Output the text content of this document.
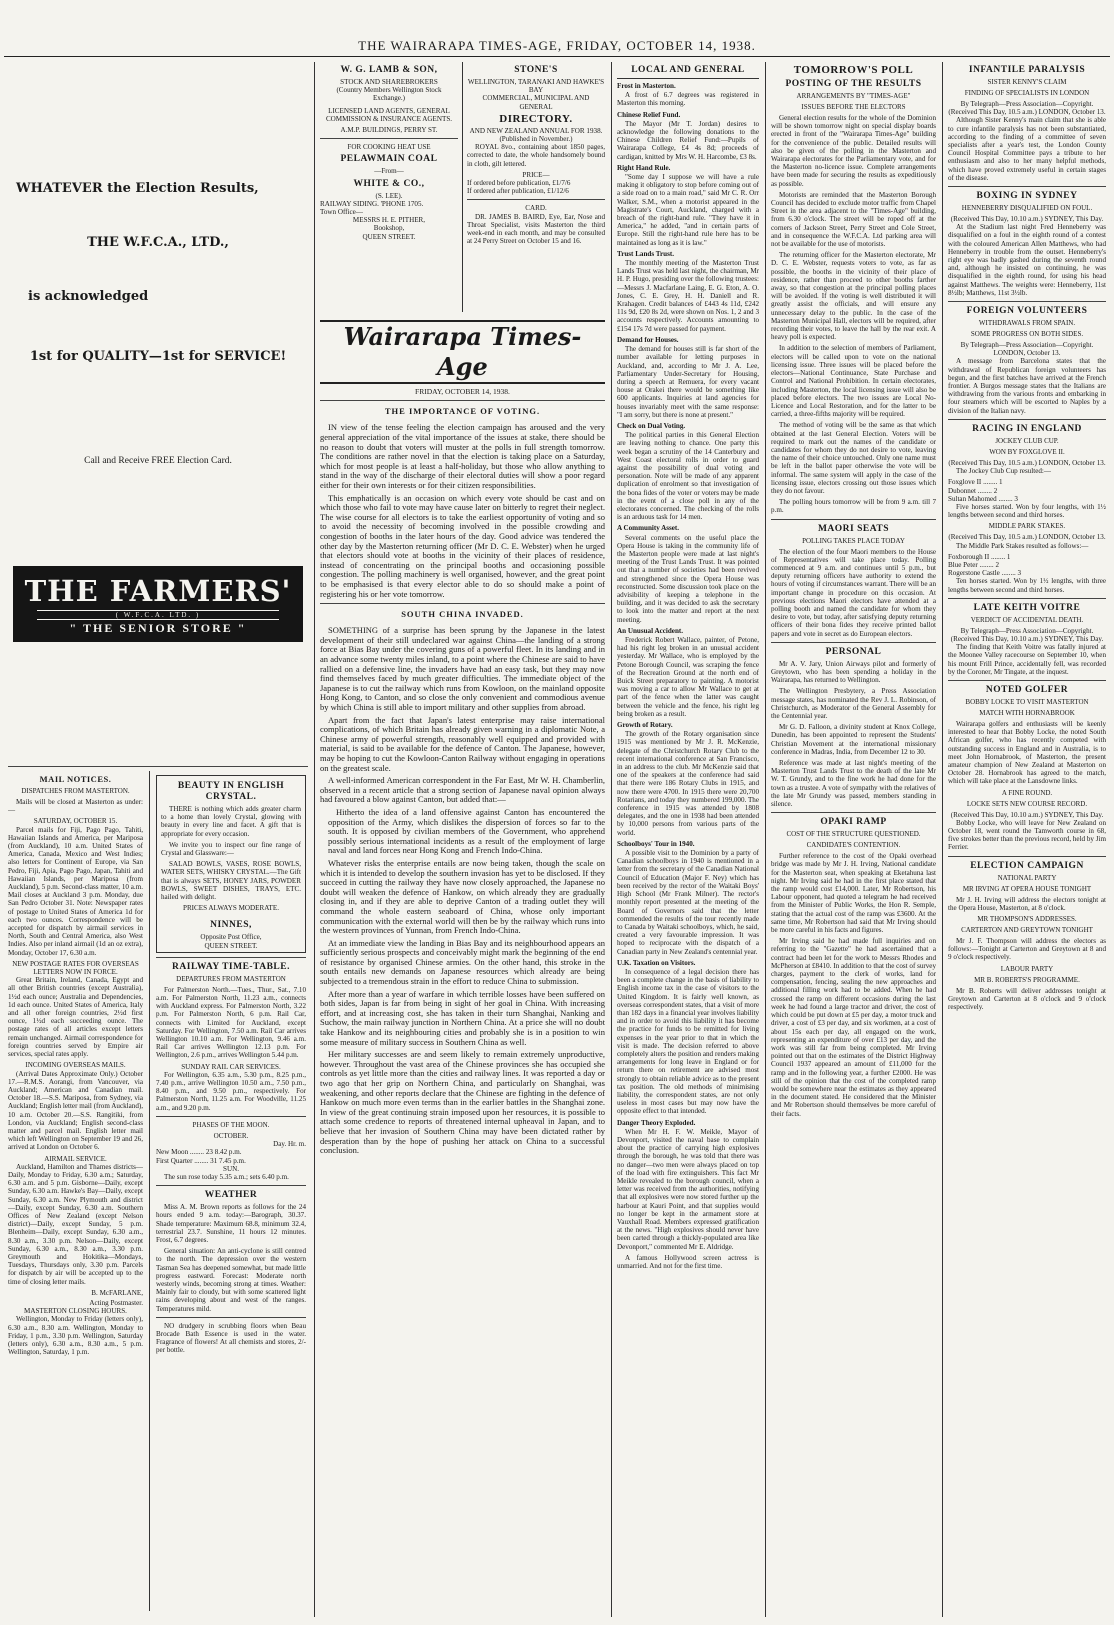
THE WAIRARAPA TIMES-AGE, FRIDAY, OCTOBER 14, 1938.

WHATEVER the Election Results,

THE W.F.C.A., LTD.,

is acknowledged

1st for QUALITY—1st for SERVICE!

Call and Receive FREE Election Card.

THE FARMERS'
( W.F.C.A. LTD. )
" THE SENIOR STORE "
MAIL NOTICES.
DISPATCHES FROM MASTERTON.

Mails will be closed at Masterton as under:—

SATURDAY, OCTOBER 15.

Parcel mails for Fiji, Pago Pago, Tahiti, Hawaiian Islands and America, per Mariposa (from Auckland), 10 a.m. United States of America, Canada, Mexico and West Indies; also letters for Continent of Europe, via San Pedro, Fiji, Apia, Pago Pago, Japan, Tahiti and Hawaiian Islands, per Mariposa (from Auckland), 5 p.m. Second-class matter, 10 a.m. Mail closes at Auckland 3 p.m. Monday, due San Pedro October 31. Note: Newspaper rates of postage to United States of America 1d for each two ounces. Correspondence will be accepted for dispatch by airmail services in North, South and Central America, also West Indies. Also per inland airmail (1d an oz extra), Monday, October 17, 6.30 a.m.

NEW POSTAGE RATES FOR OVERSEAS LETTERS NOW IN FORCE.

Great Britain, Ireland, Canada, Egypt and all other British countries (except Australia), 1½d each ounce; Australia and Dependencies, 1d each ounce. United States of America, Italy and all other foreign countries, 2½d first ounce, 1½d each succeeding ounce. The postage rates of all articles except letters remain unchanged. Airmail correspondence for foreign countries served by Empire air services, special rates apply.

INCOMING OVERSEAS MAILS.

(Arrival Dates Approximate Only.) October 17.—R.M.S. Aorangi, from Vancouver, via Auckland; American and Canadian mail. October 18.—S.S. Mariposa, from Sydney, via Auckland; English letter mail (from Auckland), 10 a.m. October 20.—S.S. Rangitiki, from London, via Auckland; English second-class matter and parcel mail. English letter mail which left Wellington on September 19 and 26, arrived at London on October 6.

AIRMAIL SERVICE.

Auckland, Hamilton and Thames districts—Daily, Monday to Friday, 6.30 a.m.; Saturday, 6.30 a.m. and 5 p.m. Gisborne—Daily, except Sunday, 6.30 a.m. Hawke's Bay—Daily, except Sunday, 6.30 a.m. New Plymouth and district—Daily, except Sunday, 6.30 a.m. Southern Offices of New Zealand (except Nelson district)—Daily, except Sunday, 5 p.m. Blenheim—Daily, except Sunday, 6.30 a.m., 8.30 a.m., 3.30 p.m. Nelson—Daily, except Sunday, 6.30 a.m., 8.30 a.m., 3.30 p.m. Greymouth and Hokitika—Mondays, Tuesdays, Thursdays only, 3.30 p.m. Parcels for dispatch by air will be accepted up to the time of closing letter mails.

B. McFARLANE,
Acting Postmaster.
MASTERTON CLOSING HOURS.

Wellington, Monday to Friday (letters only), 6.30 a.m., 8.30 a.m. Wellington, Monday to Friday, 1 p.m., 3.30 p.m. Wellington, Saturday (letters only), 6.30 a.m., 8.30 a.m., 5 p.m. Wellington, Saturday, 1 p.m.

BEAUTY IN ENGLISH CRYSTAL.

THERE is nothing which adds greater charm to a home than lovely Crystal, glowing with beauty in every line and facet. A gift that is appropriate for every occasion.

We invite you to inspect our fine range of Crystal and Glassware:—

SALAD BOWLS, VASES, ROSE BOWLS, WATER SETS, WHISKY CRYSTAL.—The Gift that is always SETS, HONEY JARS, POWDER BOWLS, SWEET DISHES, TRAYS, ETC. hailed with delight.

PRICES ALWAYS MODERATE.
NINNES,
Opposite Post Office,
QUEEN STREET.
RAILWAY TIME-TABLE.
DEPARTURES FROM MASTERTON

For Palmerston North.—Tues., Thur., Sat., 7.10 a.m. For Palmerston North, 11.23 a.m., connects with Auckland express. For Palmerston North, 3.22 p.m. For Palmerston North, 6 p.m. Rail Car, connects with Limited for Auckland, except Saturday. For Wellington, 7.50 a.m. Rail Car arrives Wellington 10.10 a.m. For Wellington, 9.46 a.m. Rail Car arrives Wellington 12.13 p.m. For Wellington, 2.6 p.m., arrives Wellington 5.44 p.m.

SUNDAY RAIL CAR SERVICES.

For Wellington, 6.35 a.m., 5.30 p.m., 8.25 p.m., 7.40 p.m., arrive Wellington 10.50 a.m., 7.50 p.m., 8.40 p.m., and 9.50 p.m., respectively. For Palmerston North, 11.25 a.m. For Woodville, 11.25 a.m., and 9.20 p.m.

PHASES OF THE MOON.
OCTOBER.
Day. Hr. m.
New Moon ........ 23 8.42 p.m.
First Quarter ........ 31 7.45 p.m.
SUN.

The sun rose today 5.35 a.m.; sets 6.40 p.m.

WEATHER

Miss A. M. Brown reports as follows for the 24 hours ended 9 a.m. today:—Barograph, 30.37. Shade temperature: Maximum 68.8, minimum 32.4, terrestrial 23.7. Sunshine, 11 hours 12 minutes. Frost, 6.7 degrees.

General situation: An anti-cyclone is still centred to the north. The depression over the western Tasman Sea has deepened somewhat, but made little progress eastward. Forecast: Moderate north westerly winds, becoming strong at times. Weather: Mainly fair to cloudy, but with some scattered light rains developing about and west of the ranges. Temperatures mild.

NO drudgery in scrubbing floors when Beau Brocade Bath Essence is used in the water. Fragrance of flowers! At all chemists and stores, 2/- per bottle.

W. G. LAMB & SON,
STOCK AND SHAREBROKERS
(Country Members Wellington Stock Exchange.)
LICENSED LAND AGENTS, GENERAL COMMISSION & INSURANCE AGENTS.
A.M.P. BUILDINGS, PERRY ST.
FOR COOKING HEAT USE
PELAWMAIN COAL
—From—
WHITE & CO.,
(S. LEE).
RAILWAY SIDING. 'PHONE 1705.
Town Office—
MESSRS H. E. PITHER,
Bookshop,
QUEEN STREET.
STONE'S
WELLINGTON, TARANAKI AND HAWKE'S BAY
COMMERCIAL, MUNICIPAL AND GENERAL
DIRECTORY.
AND NEW ZEALAND ANNUAL FOR 1938.
(Published in November.)

ROYAL 8vo., containing about 1850 pages, corrected to date, the whole handsomely bound in cloth, gilt lettered.

PRICE—
If ordered before publication, £1/7/6
If ordered after publication, £1/12/6
CARD.

DR. JAMES B. BAIRD, Eye, Ear, Nose and Throat Specialist, visits Masterton the third week-end in each month, and may be consulted at 24 Perry Street on October 15 and 16.

Wairarapa Times-Age
FRIDAY, OCTOBER 14, 1938.
THE IMPORTANCE OF VOTING.

IN view of the tense feeling the election campaign has aroused and the very general appreciation of the vital importance of the issues at stake, there should be no reason to doubt that voters will muster at the polls in full strength tomorrow. The conditions are rather novel in that the election is taking place on a Saturday, which for most people is at least a half-holiday, but those who allow anything to stand in the way of the discharge of their electoral duties will show a poor regard either for their own interests or for their citizen responsibilities.

This emphatically is an occasion on which every vote should be cast and on which those who fail to vote may have cause later on bitterly to regret their neglect. The wise course for all electors is to take the earliest opportunity of voting and so to avoid the necessity of becoming involved in the possible crowding and congestion of booths in the later hours of the day. Good advice was tendered the other day by the Masterton returning officer (Mr D. C. E. Webster) when he urged that electors should vote at booths in the vicinity of their places of residence, instead of concentrating on the principal booths and occasioning possible congestion. The polling machinery is well organised, however, and the great point to be emphasised is that every elector able to do so should make a point of registering his or her vote tomorrow.

SOUTH CHINA INVADED.

SOMETHING of a surprise has been sprung by the Japanese in the latest development of their still undeclared war against China—the landing of a strong force at Bias Bay under the covering guns of a powerful fleet. In its landing and in an advance some twenty miles inland, to a point where the Chinese are said to have rallied on a defensive line, the invaders have had an easy task, but they may now find themselves faced by much greater difficulties. The immediate object of the Japanese is to cut the railway which runs from Kowloon, on the mainland opposite Hong Kong, to Canton, and so close the only convenient and commodious avenue by which China is still able to import military and other supplies from abroad.

Apart from the fact that Japan's latest enterprise may raise international complications, of which Britain has already given warning in a diplomatic Note, a Chinese army of powerful strength, reasonably well equipped and provided with material, is said to be available for the defence of Canton. The Japanese, however, may be hoping to cut the Kowloon-Canton Railway without engaging in operations on the greatest scale.

A well-informed American correspondent in the Far East, Mr W. H. Chamberlin, observed in a recent article that a strong section of Japanese naval opinion always had favoured a blow against Canton, but added that:—

Hitherto the idea of a land offensive against Canton has encountered the opposition of the Army, which dislikes the dispersion of forces so far to the south. It is opposed by civilian members of the Government, who apprehend possibly serious international incidents as a result of the employment of large naval and land forces near Hong Kong and French Indo-China.

Whatever risks the enterprise entails are now being taken, though the scale on which it is intended to develop the southern invasion has yet to be disclosed. If they succeed in cutting the railway they have now closely approached, the Japanese no doubt will weaken the defence of Hankow, on which already they are gradually closing in, and if they are able to deprive Canton of a trading outlet they will command the whole eastern seaboard of China, whose only important communication with the external world will then be by the railway which runs into the western provinces of Yunnan, from French Indo-China.

At an immediate view the landing in Bias Bay and its neighbourhood appears an sufficiently serious prospects and conceivably might mark the beginning of the end of resistance by organised Chinese armies. On the other hand, this stroke in the south entails new demands on Japanese resources which already are being subjected to a tremendous strain in the effort to reduce China to submission.

After more than a year of warfare in which terrible losses have been suffered on both sides, Japan is far from being in sight of her goal in China. With increasing effort, and at increasing cost, she has taken in their turn Shanghai, Nanking and Suchow, the main railway junction in Northern China. At a price she will no doubt take Hankow and its neighbouring cities and probably she is in a position to win some measure of military success in Southern China as well.

Her military successes are and seem likely to remain extremely unproductive, however. Throughout the vast area of the Chinese provinces she has occupied she controls as yet little more than the cities and railway lines. It was reported a day or two ago that her grip on Northern China, and particularly on Shanghai, was weakening, and other reports declare that the Chinese are fighting in the defence of Hankow on much more even terms than in the earlier battles in the Shanghai zone. In view of the great continuing strain imposed upon her resources, it is possible to attach some credence to reports of threatened internal upheaval in Japan, and to believe that her invasion of Southern China may have been dictated rather by desperation than by the hope of pushing her attack on China to a successful conclusion.

LOCAL AND GENERAL
Frost in Masterton.

A frost of 6.7 degrees was registered in Masterton this morning.

Chinese Relief Fund.

The Mayor (Mr T. Jordan) desires to acknowledge the following donations to the Chinese Children Relief Fund:—Pupils of Wairarapa College, £4 4s 8d; proceeds of cardigan, knitted by Mrs W. H. Harcombe, £3 8s.

Right Hand Rule.

"Some day I suppose we will have a rule making it obligatory to stop before coming out of a side road on to a main road," said Mr C. R. Orr Walker, S.M., when a motorist appeared in the Magistrate's Court, Auckland, charged with a breach of the right-hand rule. "They have it in America," he added, "and in certain parts of Europe. Still the right-hand rule here has to be maintained as long as it is law."

Trust Lands Trust.

The monthly meeting of the Masterton Trust Lands Trust was held last night, the chairman, Mr H. P. Hugo, presiding over the following trustees:—Messrs J. Macfarlane Laing, E. G. Eton, A. O. Jones, C. E. Grey, H. H. Daniell and R. Krahagen. Credit balances of £443 4s 11d, £242 11s 9d, £20 8s 2d, were shown on Nos. 1, 2 and 3 accounts respectively. Accounts amounting to £154 17s 7d were passed for payment.

Demand for Houses.

The demand for houses still is far short of the number available for letting purposes in Auckland, and, according to Mr J. A. Lee, Parliamentary Under-Secretary for Housing, during a speech at Remuera, for every vacant house at Orakei there would be something like 600 applicants. Inquiries at land agencies for houses invariably meet with the same response: "I am sorry, but there is none at present."

Check on Dual Voting.

The political parties in this General Election are leaving nothing to chance. One party this week began a scrutiny of the 14 Canterbury and West Coast electoral rolls in order to guard against the possibility of dual voting and personation. Note will be made of any apparent duplication of enrolment so that investigation of the bona fides of the voter or voters may be made in the event of a close poll in any of the electorates concerned. The checking of the rolls is an arduous task for 14 men.

A Community Asset.

Several comments on the useful place the Opera House is taking in the community life of the Masterton people were made at last night's meeting of the Trust Lands Trust. It was pointed out that a number of societies had been revived and strengthened since the Opera House was reconstructed. Some discussion took place on the advisibility of keeping a telephone in the building, and it was decided to ask the secretary to look into the matter and report at the next meeting.

An Unusual Accident.

Frederick Robert Wallace, painter, of Petone, had his right leg broken in an unusual accident yesterday. Mr Wallace, who is employed by the Petone Borough Council, was scraping the fence of the Recreation Ground at the north end of Buick Street preparatory to painting. A motorist was moving a car to allow Mr Wallace to get at part of the fence when the latter was caught between the vehicle and the fence, his right leg being broken as a result.

Growth of Rotary.

The growth of the Rotary organisation since 1915 was mentioned by Mr J. R. McKenzie, delegate of the Christchurch Rotary Club to the recent international conference at San Francisco, in an address to the club. Mr McKenzie said that one of the speakers at the conference had said that there were 186 Rotary Clubs in 1915, and now there were 4700. In 1915 there were 20,700 Rotarians, and today they numbered 199,000. The conference in 1915 was attended by 1808 delegates, and the one in 1938 had been attended by 10,000 persons from various parts of the world.

Schoolboys' Tour in 1940.

A possible visit to the Dominion by a party of Canadian schoolboys in 1940 is mentioned in a letter from the secretary of the Canadian National Council of Education (Major F. Ney) which has been received by the rector of the Waitaki Boys' High School (Mr Frank Milner). The rector's monthly report presented at the meeting of the Board of Governors said that the letter commended the results of the tour recently made to Canada by Waitaki schoolboys, which, he said, created a very favourable impression. It was hoped to reciprocate with the dispatch of a Canadian party in New Zealand's centennial year.

U.K. Taxation on Visitors.

In consequence of a legal decision there has been a complete change in the basis of liability to English income tax in the case of visitors to the United Kingdom. It is fairly well known, as overseas correspondent states, that a visit of more than 182 days in a financial year involves liability and in order to avoid this liability it has become the practice for funds to be remitted for living expenses in the year prior to that in which the visit is made. The decision referred to above completely alters the position and renders making arrangements for long leave in England or for return there on retirement are advised most strongly to obtain reliable advice as to the present tax position. The old methods of minimising liability, the correspondent states, are not only useless in most cases but may now have the opposite effect to that intended.

Danger Theory Exploded.

When Mr H. F. W. Meikle, Mayor of Devonport, visited the naval base to complain about the practice of carrying high explosives through the borough, he was told that there was no danger—two men were always placed on top of the load with fire extinguishers. This fact Mr Meikle revealed to the borough council, when a letter was received from the authorities, notifying that all explosives were now stored further up the harbour at Kauri Point, and that supplies would no longer be kept in the armament store at Vauxhall Road. Members expressed gratification at the news. "High explosives should never have been carted through a thickly-populated area like Devonport," commented Mr E. Aldridge.

A famous Hollywood screen actress is unmarried. And not for the first time.

TOMORROW'S POLL
POSTING OF THE RESULTS
ARRANGEMENTS BY "TIMES-AGE"
ISSUES BEFORE THE ELECTORS

General election results for the whole of the Dominion will be shown tomorrow night on special display boards erected in front of the "Wairarapa Times-Age" building for the convenience of the public. Detailed results will also be given of the polling in the Masterton and Wairarapa electorates for the Parliamentary vote, and for the Masterton no-licence issue. Complete arrangements have been made for securing the results as expeditiously as possible.

Motorists are reminded that the Masterton Borough Council has decided to exclude motor traffic from Chapel Street in the area adjacent to the "Times-Age" building, from 6.30 o'clock. The street will be roped off at the corners of Jackson Street, Perry Street and Cole Street, and in consequence the W.F.C.A. Ltd parking area will not be available for the use of motorists.

The returning officer for the Masterton electorate, Mr D. C. E. Webster, requests voters to vote, as far as possible, the booths in the vicinity of their place of residence, rather than proceed to other booths farther away, so that congestion at the principal polling places will be avoided. If the voting is well distributed it will greatly assist the officials, and will ensure any unnecessary delay to the public. In the case of the Masterton Municipal Hall, electors will be required, after recording their votes, to leave the hall by the rear exit. A heavy poll is expected.

In addition to the selection of members of Parliament, electors will be called upon to vote on the national licensing issue. Three issues will be placed before the electors—National Continuance, State Purchase and Control and National Prohibition. In certain electorates, including Masterton, the local licensing issue will also be placed before electors. The two issues are Local No-Licence and Local Restoration, and for the latter to be carried, a three-fifths majority will be required.

The method of voting will be the same as that which obtained at the last General Election. Voters will be required to mark out the names of the candidate or candidates for whom they do not desire to vote, leaving the name of their choice untouched. Only one name must be left in the ballot paper otherwise the vote will be informal. The same system will apply in the case of the licensing issue, electors crossing out those issues which they do not favour.

The polling hours tomorrow will be from 9 a.m. till 7 p.m.

MAORI SEATS
POLLING TAKES PLACE TODAY

The election of the four Maori members to the House of Representatives will take place today. Polling commenced at 9 a.m. and continues until 5 p.m., but deputy returning officers have authority to extend the hours of voting if circumstances warrant. There will be an important change in procedure on this occasion. At previous elections Maori electors have attended at a polling booth and named the candidate for whom they desire to vote, but today, after satisfying deputy returning officers of their bona fides they receive printed ballot papers and vote in secret as do European electors.

PERSONAL

Mr A. V. Jary, Union Airways pilot and formerly of Greytown, who has been spending a holiday in the Wairarapa, has returned to Wellington.

The Wellington Presbytery, a Press Association message states, has nominated the Rev J. L. Robinson, of Christchurch, as Moderator of the General Assembly for the Centennial year.

Mr G. D. Falloon, a divinity student at Knox College, Dunedin, has been appointed to represent the Students' Christian Movement at the international missionary conference in Madras, India, from December 12 to 30.

Reference was made at last night's meeting of the Masterton Trust Lands Trust to the death of the late Mr W. T. Grundy, and to the fine work he had done for the town as a trustee. A vote of sympathy with the relatives of the late Mr Grundy was passed, members standing in silence.

OPAKI RAMP
COST OF THE STRUCTURE QUESTIONED.
CANDIDATE'S CONTENTION.

Further reference to the cost of the Opaki overhead bridge was made by Mr J. H. Irving, National candidate for the Masterton seat, when speaking at Eketahuna last night. Mr Irving said he had in the first place stated that the ramp would cost £14,000. Later, Mr Robertson, his Labour opponent, had quoted a telegram he had received from the Minister of Public Works, the Hon R. Semple, stating that the actual cost of the ramp was £3600. At the same time, Mr Robertson had said that Mr Irving should be more careful in his facts and figures.

Mr Irving said he had made full inquiries and on referring to the "Gazette" he had ascertained that a contract had been let for the work to Messrs Rhodes and McPherson at £8410. In addition to that the cost of survey charges, payment to the clerk of works, land for compensation, fencing, sealing the new approaches and additional filling work had to be added. When he had crossed the ramp on different occasions during the last week he had found a large tractor and driver, the cost of which could be put down at £5 per day, a motor truck and driver, a cost of £3 per day, and six workmen, at a cost of about 15s each per day, all engaged on the work, representing an expenditure of over £13 per day, and the work was still far from being completed. Mr Irving pointed out that on the estimates of the District Highway Council 1937 appeared an amount of £11,000 for the ramp and in the following year, a further £2000. He was still of the opinion that the cost of the completed ramp would be somewhere near the estimates as they appeared in the document stated. He considered that the Minister and Mr Robertson should themselves be more careful of their facts.

INFANTILE PARALYSIS
SISTER KENNY'S CLAIM
FINDING OF SPECIALISTS IN LONDON
By Telegraph—Press Association—Copyright. (Received This Day, 10.5 a.m.) LONDON, October 13.

Although Sister Kenny's main claim that she is able to cure infantile paralysis has not been substantiated, according to the finding of a committee of seven specialists after a year's test, the London County Council Hospital Committee pays a tribute to her enthusiasm and also to her many helpful methods, which have proved extremely useful in certain stages of the disease.

BOXING IN SYDNEY
HENNEBERRY DISQUALIFIED ON FOUL.
(Received This Day, 10.10 a.m.) SYDNEY, This Day.

At the Stadium last night Fred Henneberry was disqualified on a foul in the eighth round of a contest with the coloured American Allen Matthews, who had Henneberry in trouble from the outset. Henneberry's right eye was badly gashed during the seventh round and, although he insisted on continuing, he was disqualified in the eighth round, for using his head against Matthews. The weights were: Henneberry, 11st 8½lb; Matthews, 11st 3½lb.

FOREIGN VOLUNTEERS
WITHDRAWALS FROM SPAIN.
SOME PROGRESS ON BOTH SIDES.
By Telegraph—Press Association—Copyright. LONDON, October 13.

A message from Barcelona states that the withdrawal of Republican foreign volunteers has begun, and the first batches have arrived at the French frontier. A Burgos message states that the Italians are withdrawing from the various fronts and embarking in four steamers which will be escorted to Naples by a division of the Italian navy.

RACING IN ENGLAND
JOCKEY CLUB CUP.
WON BY FOXGLOVE II.
(Received This Day, 10.5 a.m.) LONDON, October 13.

The Jockey Club Cup resulted:—

Foxglove II ........ 1
Dubonnet ........ 2
Sultan Mahomed ........ 3

Five horses started. Won by four lengths, with 1½ lengths between second and third horses.

MIDDLE PARK STAKES.
(Received This Day, 10.5 a.m.) LONDON, October 13.

The Middle Park Stakes resulted as follows:—

Foxborough II ........ 1
Blue Peter ........ 2
Rogerstone Castle ........ 3

Ten horses started. Won by 1½ lengths, with three lengths between second and third horses.

LATE KEITH VOITRE
VERDICT OF ACCIDENTAL DEATH.
By Telegraph—Press Association—Copyright. (Received This Day, 10.10 a.m.) SYDNEY, This Day.

The finding that Keith Voitre was fatally injured at the Moonee Valley racecourse on September 10, when his mount Frill Prince, accidentally fell, was recorded by the Coroner, Mr Tingate, at the inquest.

NOTED GOLFER
BOBBY LOCKE TO VISIT MASTERTON
MATCH WITH HORNABROOK

Wairarapa golfers and enthusiasts will be keenly interested to hear that Bobby Locke, the noted South African golfer, who has recently competed with outstanding success in England and in Australia, is to meet John Hornabrook, of Masterton, the present amateur champion of New Zealand at Masterton on October 28. Hornabrook has agreed to the match, which will take place at the Lansdowne links.

A FINE ROUND.
LOCKE SETS NEW COURSE RECORD.
(Received This Day, 10.10 a.m.) SYDNEY, This Day.

Bobby Locke, who will leave for New Zealand on October 18, went round the Tamworth course in 68, five strokes better than the previous record, held by Jim Ferrier.

ELECTION CAMPAIGN
NATIONAL PARTY
MR IRVING AT OPERA HOUSE TONIGHT

Mr J. H. Irving will address the electors tonight at the Opera House, Masterton, at 8 o'clock.

MR THOMPSON'S ADDRESSES.
CARTERTON AND GREYTOWN TONIGHT

Mr J. F. Thompson will address the electors as follows:—Tonight at Carterton and Greytown at 8 and 9 o'clock respectively.

LABOUR PARTY
MR B. ROBERTS'S PROGRAMME.

Mr B. Roberts will deliver addresses tonight at Greytown and Carterton at 8 o'clock and 9 o'clock respectively.
